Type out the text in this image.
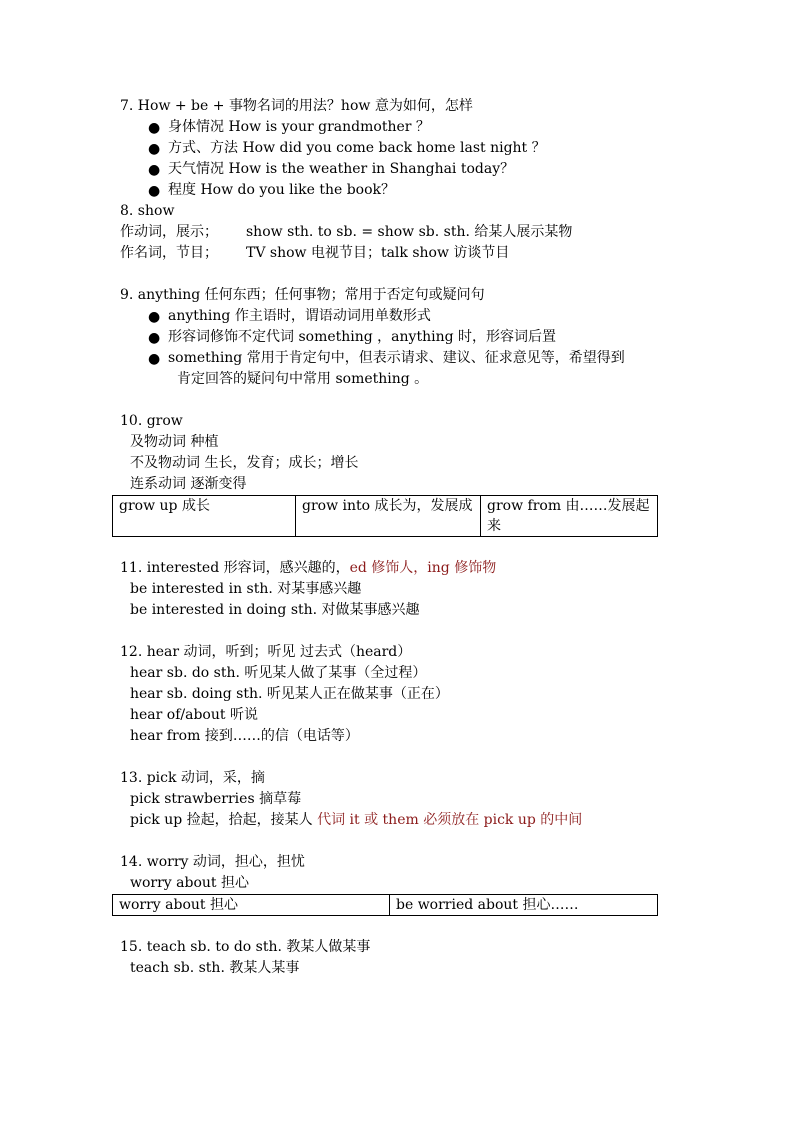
7. How + be + 事物名词的用法？how 意为如何，怎样
● 身体情况 How is your grandmother ？
● 方式、方法 How did you come back home last night ？
● 天气情况 How is the weather in Shanghai today？
● 程度 How do you like the book？
8. show
作动词，展示； show sth. to sb. = show sb. sth. 给某人展示某物
作名词，节目； TV show 电视节目；talk show 访谈节目
9. anything 任何东西；任何事物；常用于否定句或疑问句
● anything 作主语时，谓语动词用单数形式
● 形容词修饰不定代词 something ，anything 时，形容词后置
● something 常用于肯定句中，但表示请求、建议、征求意见等，希望得到
肯定回答的疑问句中常用 something 。
10. grow
及物动词 种植
不及物动词 生长，发育；成长；增长
连系动词 逐渐变得
grow up 成长	grow into 成长为，发展成	grow from 由……发展起来
11. interested 形容词，感兴趣的，ed 修饰人，ing 修饰物
be interested in sth. 对某事感兴趣
be interested in doing sth. 对做某事感兴趣
12. hear 动词，听到；听见 过去式（heard）
hear sb. do sth. 听见某人做了某事（全过程）
hear sb. doing sth. 听见某人正在做某事（正在）
hear of/about 听说
hear from 接到……的信（电话等）
13. pick 动词，采，摘
pick strawberries 摘草莓
pick up 捡起，拾起，接某人 代词 it 或 them 必须放在 pick up 的中间
14. worry 动词，担心，担忧
worry about 担心
worry about 担心	be worried about 担心……
15. teach sb. to do sth. 教某人做某事
teach sb. sth. 教某人某事
